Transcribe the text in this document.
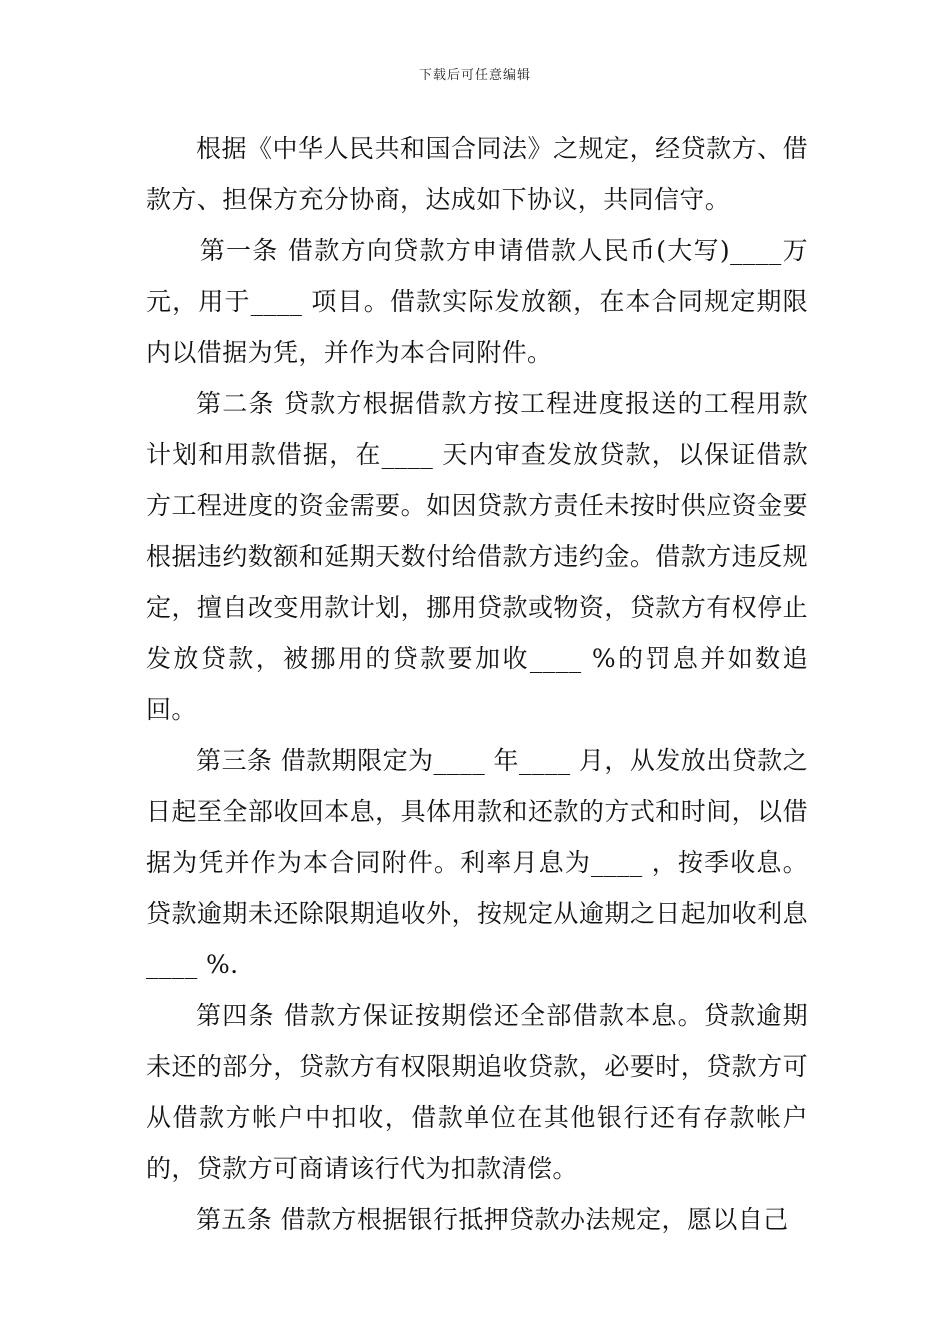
下载后可任意编辑

根据《中华人民共和国合同法》之规定，经贷款方、借款方、担保方充分协商，达成如下协议，共同信守。

第一条 借款方向贷款方申请借款人民币(大写)____万元，用于____ 项目。借款实际发放额，在本合同规定期限内以借据为凭，并作为本合同附件。

第二条 贷款方根据借款方按工程进度报送的工程用款计划和用款借据，在____ 天内审查发放贷款，以保证借款方工程进度的资金需要。如因贷款方责任未按时供应资金要根据违约数额和延期天数付给借款方违约金。借款方违反规定，擅自改变用款计划，挪用贷款或物资，贷款方有权停止发放贷款，被挪用的贷款要加收____ %的罚息并如数追回。

第三条 借款期限定为____ 年____ 月，从发放出贷款之日起至全部收回本息，具体用款和还款的方式和时间，以借据为凭并作为本合同附件。利率月息为____ ，按季收息。贷款逾期未还除限期追收外，按规定从逾期之日起加收利息____ %.

第四条 借款方保证按期偿还全部借款本息。贷款逾期未还的部分，贷款方有权限期追收贷款，必要时，贷款方可从借款方帐户中扣收，借款单位在其他银行还有存款帐户的，贷款方可商请该行代为扣款清偿。

第五条 借款方根据银行抵押贷款办法规定，愿以自己
